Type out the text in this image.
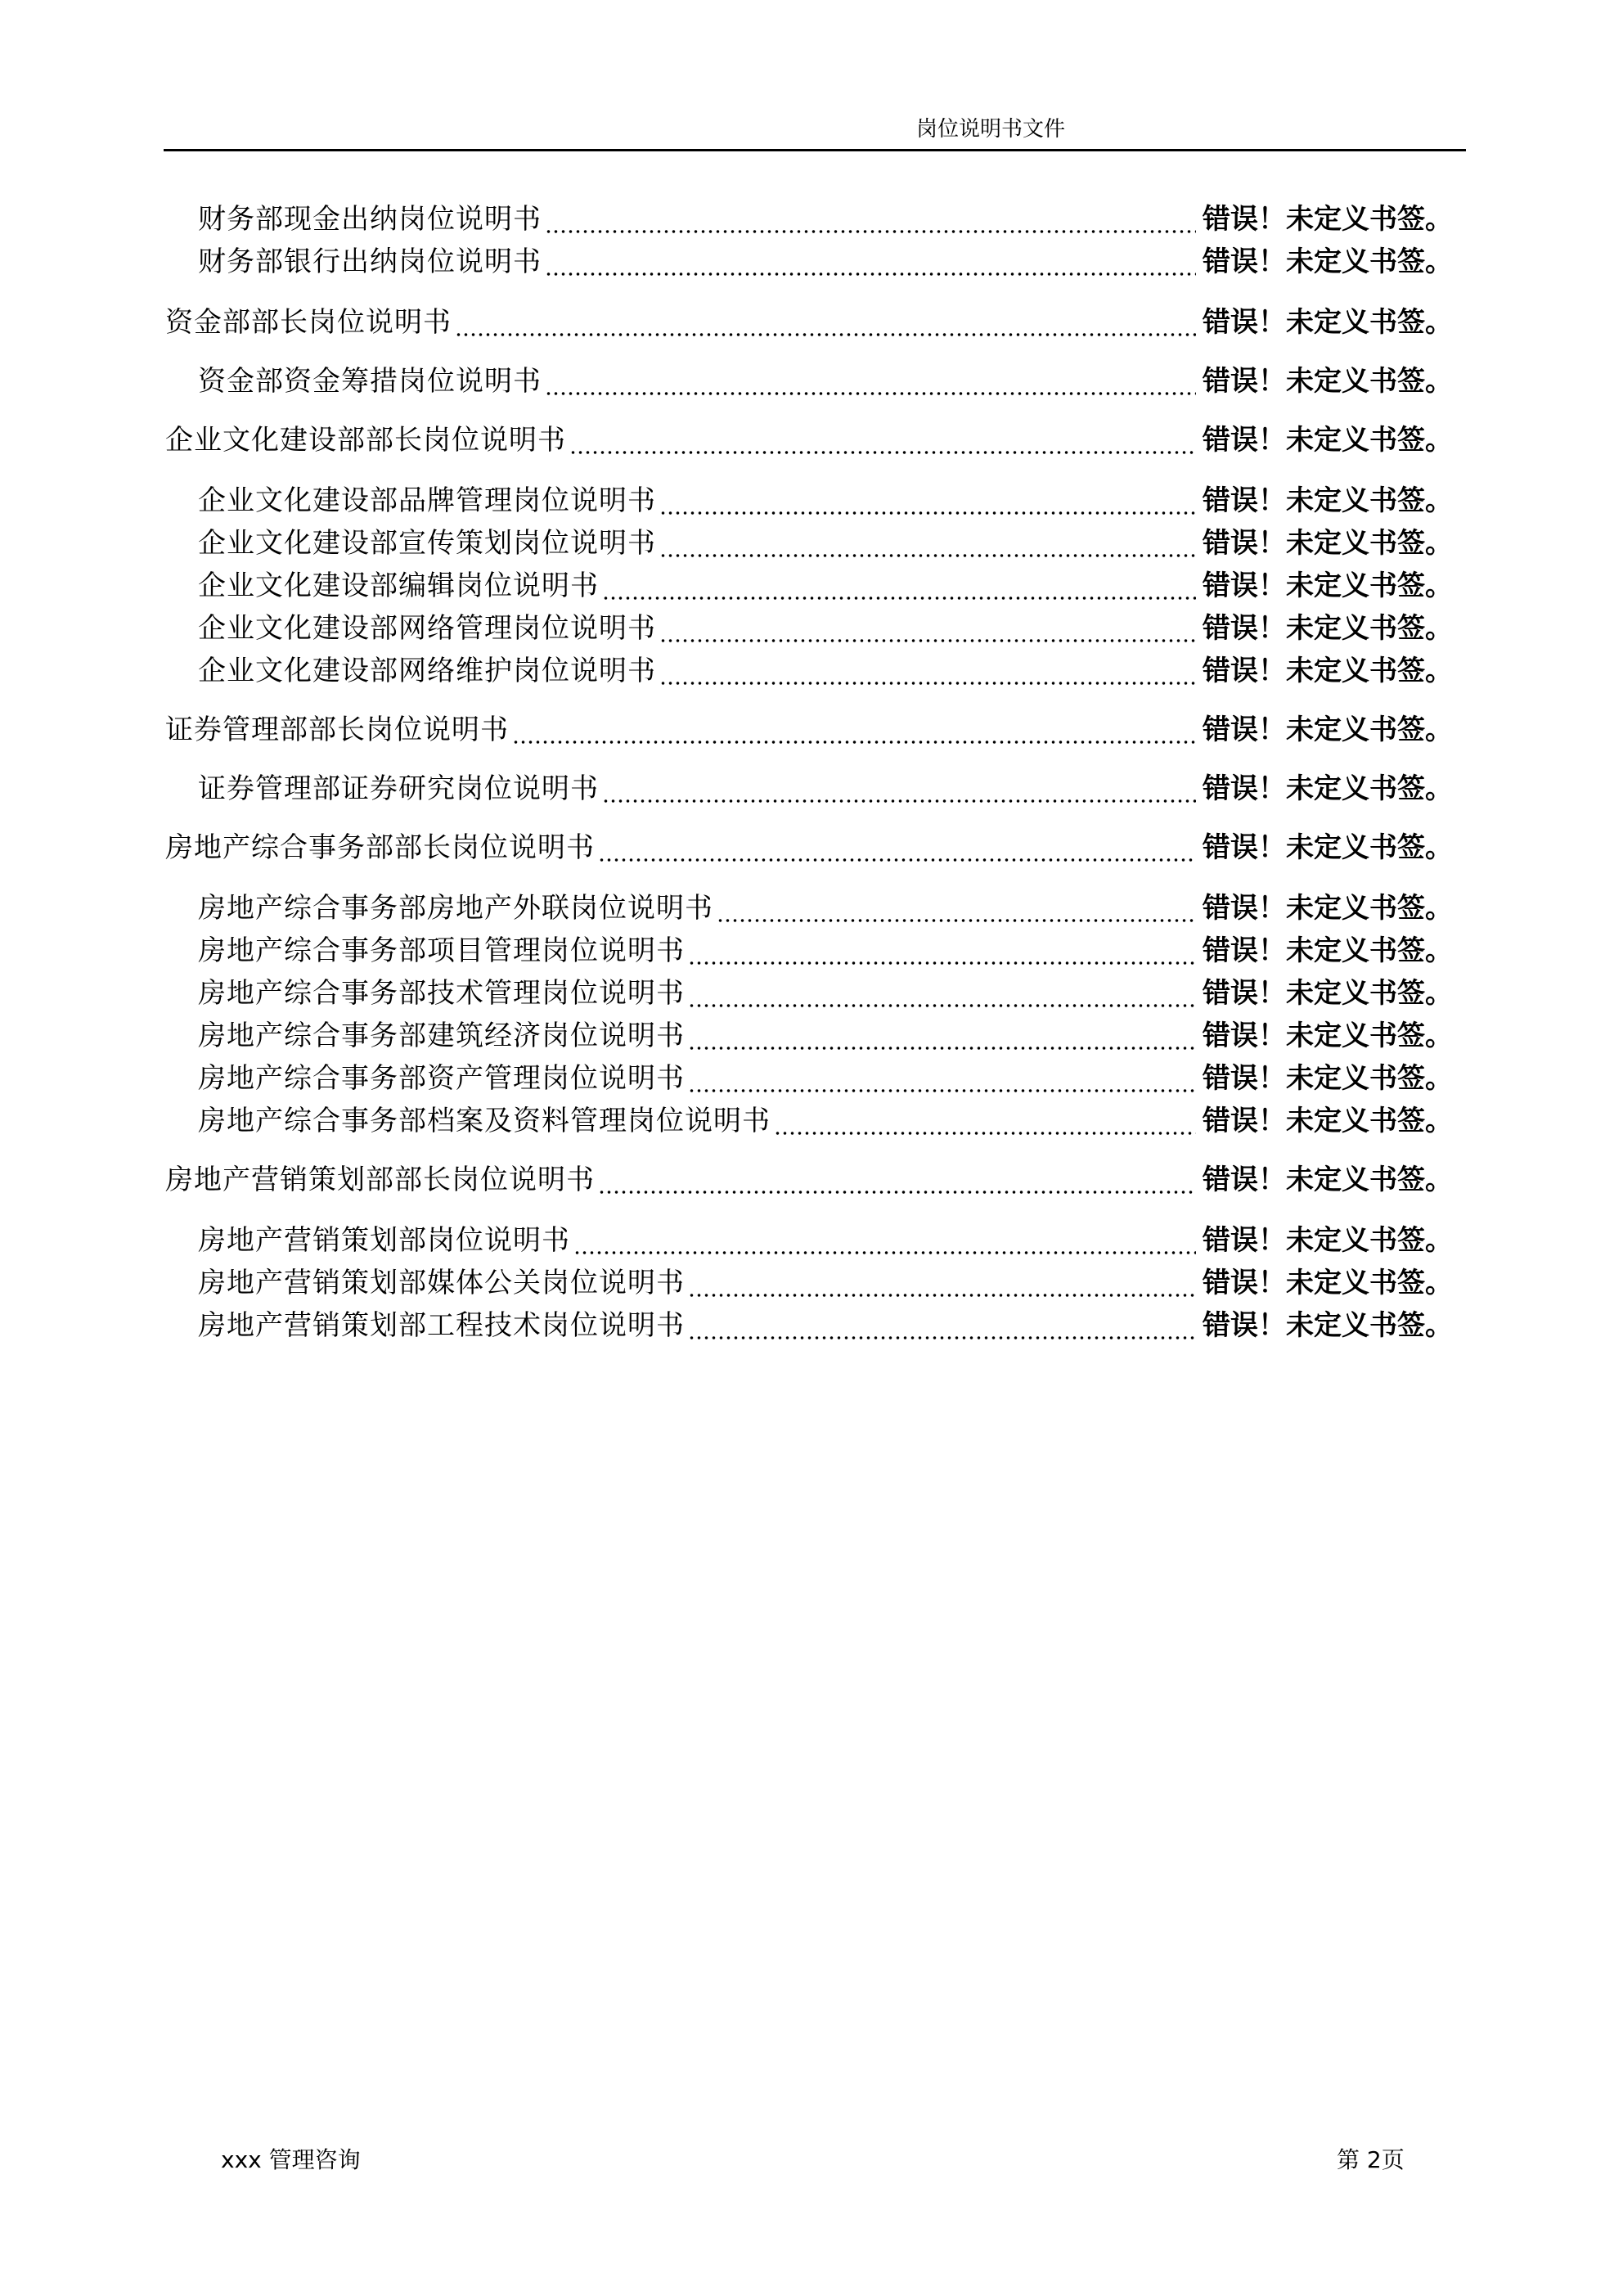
岗位说明书文件
财务部现金出纳岗位说明书	错误！未定义书签。
财务部银行出纳岗位说明书	错误！未定义书签。
资金部部长岗位说明书	错误！未定义书签。
资金部资金筹措岗位说明书	错误！未定义书签。
企业文化建设部部长岗位说明书	错误！未定义书签。
企业文化建设部品牌管理岗位说明书	错误！未定义书签。
企业文化建设部宣传策划岗位说明书	错误！未定义书签。
企业文化建设部编辑岗位说明书	错误！未定义书签。
企业文化建设部网络管理岗位说明书	错误！未定义书签。
企业文化建设部网络维护岗位说明书	错误！未定义书签。
证券管理部部长岗位说明书	错误！未定义书签。
证券管理部证券研究岗位说明书	错误！未定义书签。
房地产综合事务部部长岗位说明书	错误！未定义书签。
房地产综合事务部房地产外联岗位说明书	错误！未定义书签。
房地产综合事务部项目管理岗位说明书	错误！未定义书签。
房地产综合事务部技术管理岗位说明书	错误！未定义书签。
房地产综合事务部建筑经济岗位说明书	错误！未定义书签。
房地产综合事务部资产管理岗位说明书	错误！未定义书签。
房地产综合事务部档案及资料管理岗位说明书	错误！未定义书签。
房地产营销策划部部长岗位说明书	错误！未定义书签。
房地产营销策划部岗位说明书	错误！未定义书签。
房地产营销策划部媒体公关岗位说明书	错误！未定义书签。
房地产营销策划部工程技术岗位说明书	错误！未定义书签。
xxx 管理咨询	第 2页
